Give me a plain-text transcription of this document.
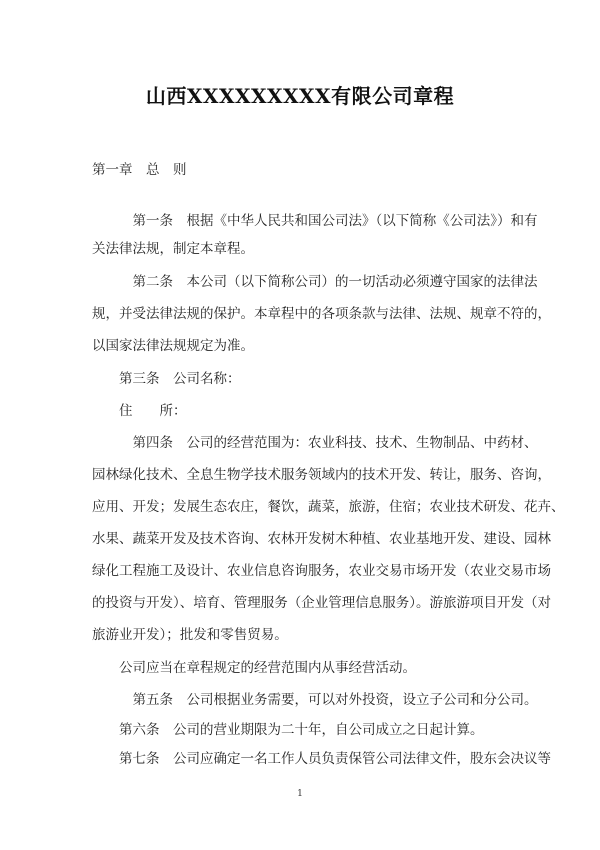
山西XXXXXXXXX有限公司章程
第一章　总　则
　　　第一条　根据《中华人民共和国公司法》（以下简称《公司法》）和有
关法律法规，制定本章程。
　　　第二条　本公司（以下简称公司）的一切活动必须遵守国家的法律法
规，并受法律法规的保护。本章程中的各项条款与法律、法规、规章不符的，
以国家法律法规规定为准。
　　第三条　公司名称：
　　住　　所：
　　　第四条　公司的经营范围为：农业科技、技术、生物制品、中药材、
园林绿化技术、全息生物学技术服务领域内的技术开发、转让，服务、咨询，
应用、开发；发展生态农庄，餐饮，蔬菜，旅游，住宿；农业技术研发、花卉、
水果、蔬菜开发及技术咨询、农林开发树木种植、农业基地开发、建设、园林
绿化工程施工及设计、农业信息咨询服务，农业交易市场开发（农业交易市场
的投资与开发）、培育、管理服务（企业管理信息服务）。游旅游项目开发（对
旅游业开发）；批发和零售贸易。
　　公司应当在章程规定的经营范围内从事经营活动。
　　　第五条　公司根据业务需要，可以对外投资，设立子公司和分公司。
　　第六条　公司的营业期限为二十年，自公司成立之日起计算。
　　第七条　公司应确定一名工作人员负责保管公司法律文件，股东会决议等
1
